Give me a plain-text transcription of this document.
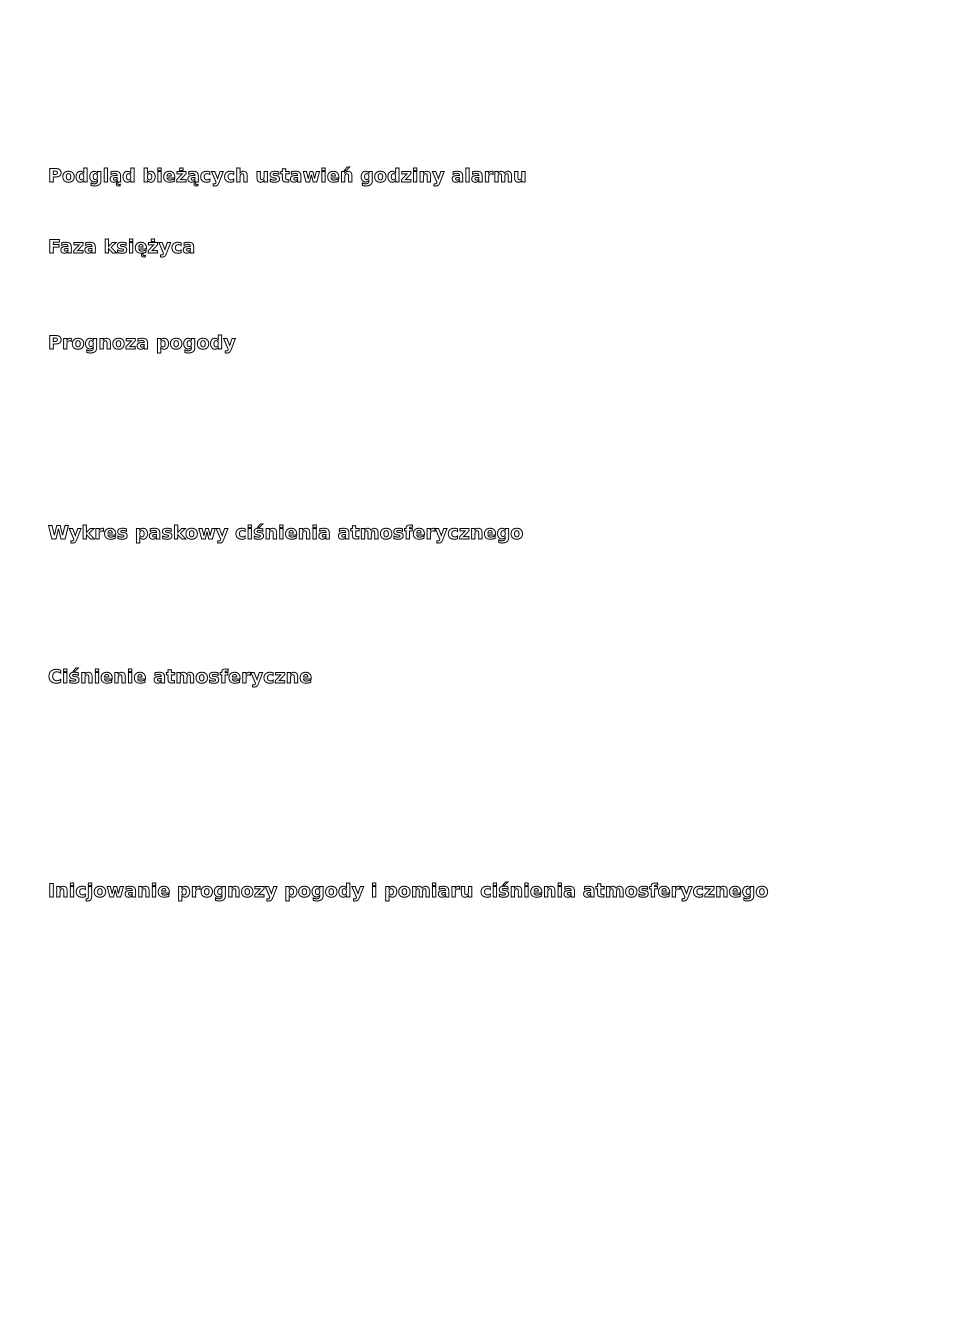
Podgląd bieżących ustawień godziny alarmu
Faza księżyca
Prognoza pogody
Wykres paskowy ciśnienia atmosferycznego
Ciśnienie atmosferyczne
Inicjowanie prognozy pogody i pomiaru ciśnienia atmosferycznego
